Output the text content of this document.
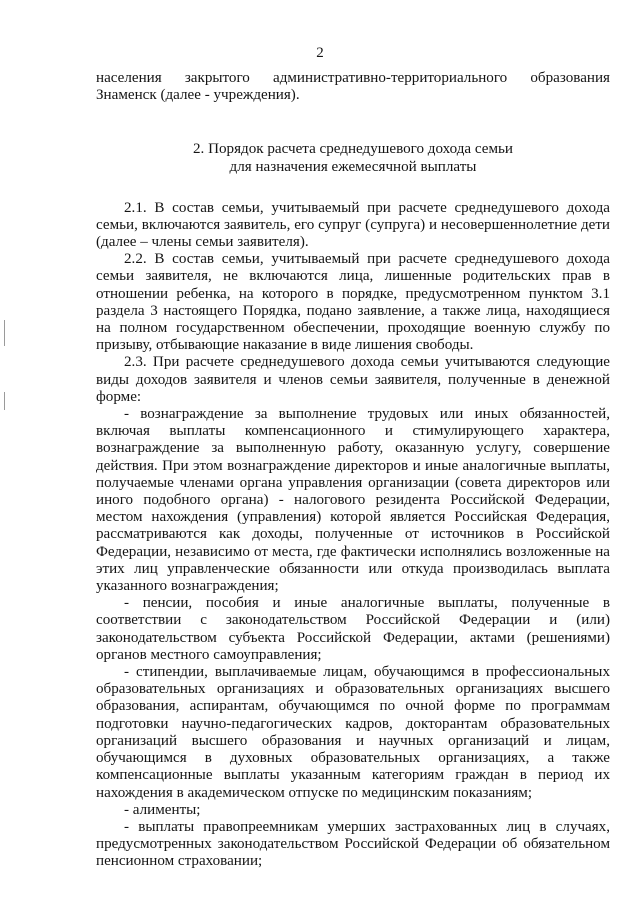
2

населения закрытого административно-территориального образования Знаменск (далее - учреждения).

2. Порядок расчета среднедушевого дохода семьи
для назначения ежемесячной выплаты

2.1. В состав семьи, учитываемый при расчете среднедушевого дохода семьи, включаются заявитель, его супруг (супруга) и несовершеннолетние дети (далее – члены семьи заявителя).

2.2. В состав семьи, учитываемый при расчете среднедушевого дохода семьи заявителя, не включаются лица, лишенные родительских прав в отношении ребенка, на которого в порядке, предусмотренном пунктом 3.1 раздела 3 настоящего Порядка, подано заявление, а также лица, находящиеся на полном государственном обеспечении, проходящие военную службу по призыву, отбывающие наказание в виде лишения свободы.

2.3. При расчете среднедушевого дохода семьи учитываются следующие виды доходов заявителя и членов семьи заявителя, полученные в денежной форме:

- вознаграждение за выполнение трудовых или иных обязанностей, включая выплаты компенсационного и стимулирующего характера, вознаграждение за выполненную работу, оказанную услугу, совершение действия. При этом вознаграждение директоров и иные аналогичные выплаты, получаемые членами органа управления организации (совета директоров или иного подобного органа) - налогового резидента Российской Федерации, местом нахождения (управления) которой является Российская Федерация, рассматриваются как доходы, полученные от источников в Российской Федерации, независимо от места, где фактически исполнялись возложенные на этих лиц управленческие обязанности или откуда производилась выплата указанного вознаграждения;

- пенсии, пособия и иные аналогичные выплаты, полученные в соответствии с законодательством Российской Федерации и (или) законодательством субъекта Российской Федерации, актами (решениями) органов местного самоуправления;

- стипендии, выплачиваемые лицам, обучающимся в профессиональных образовательных организациях и образовательных организациях высшего образования, аспирантам, обучающимся по очной форме по программам подготовки научно-педагогических кадров, докторантам образовательных организаций высшего образования и научных организаций и лицам, обучающимся в духовных образовательных организациях, а также компенсационные выплаты указанным категориям граждан в период их нахождения в академическом отпуске по медицинским показаниям;

- алименты;

- выплаты правопреемникам умерших застрахованных лиц в случаях, предусмотренных законодательством Российской Федерации об обязательном пенсионном страховании;
